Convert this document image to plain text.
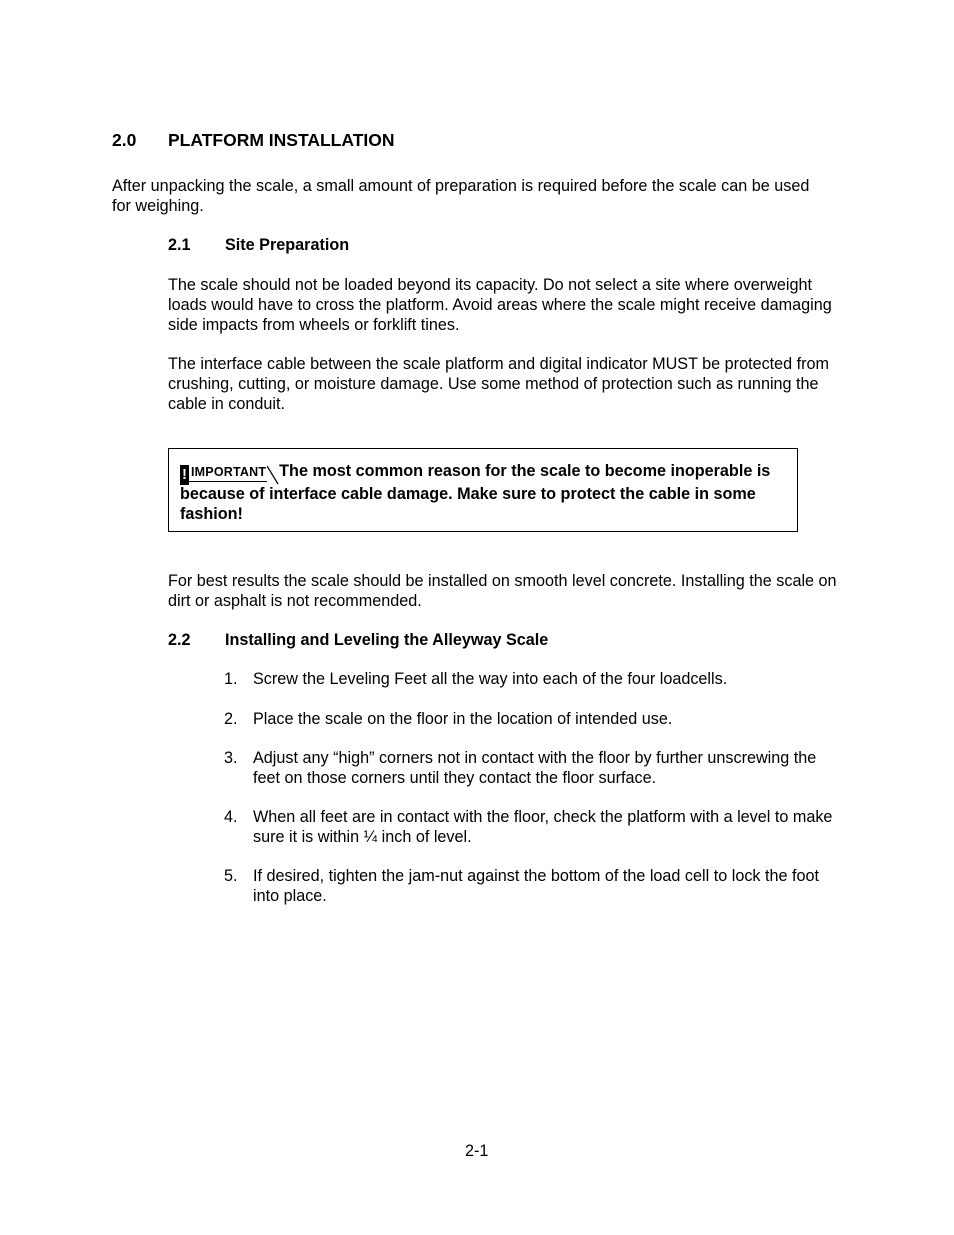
2.0 PLATFORM INSTALLATION
After unpacking the scale, a small amount of preparation is required before the scale can be used for weighing.
2.1 Site Preparation
The scale should not be loaded beyond its capacity. Do not select a site where overweight loads would have to cross the platform. Avoid areas where the scale might receive damaging side impacts from wheels or forklift tines.
The interface cable between the scale platform and digital indicator MUST be protected from crushing, cutting, or moisture damage. Use some method of protection such as running the cable in conduit.
! IMPORTANT The most common reason for the scale to become inoperable is because of interface cable damage. Make sure to protect the cable in some fashion!
For best results the scale should be installed on smooth level concrete. Installing the scale on dirt or asphalt is not recommended.
2.2 Installing and Leveling the Alleyway Scale
1. Screw the Leveling Feet all the way into each of the four loadcells.
2. Place the scale on the floor in the location of intended use.
3. Adjust any “high” corners not in contact with the floor by further unscrewing the feet on those corners until they contact the floor surface.
4. When all feet are in contact with the floor, check the platform with a level to make sure it is within ¼ inch of level.
5. If desired, tighten the jam-nut against the bottom of the load cell to lock the foot into place.
2-1
